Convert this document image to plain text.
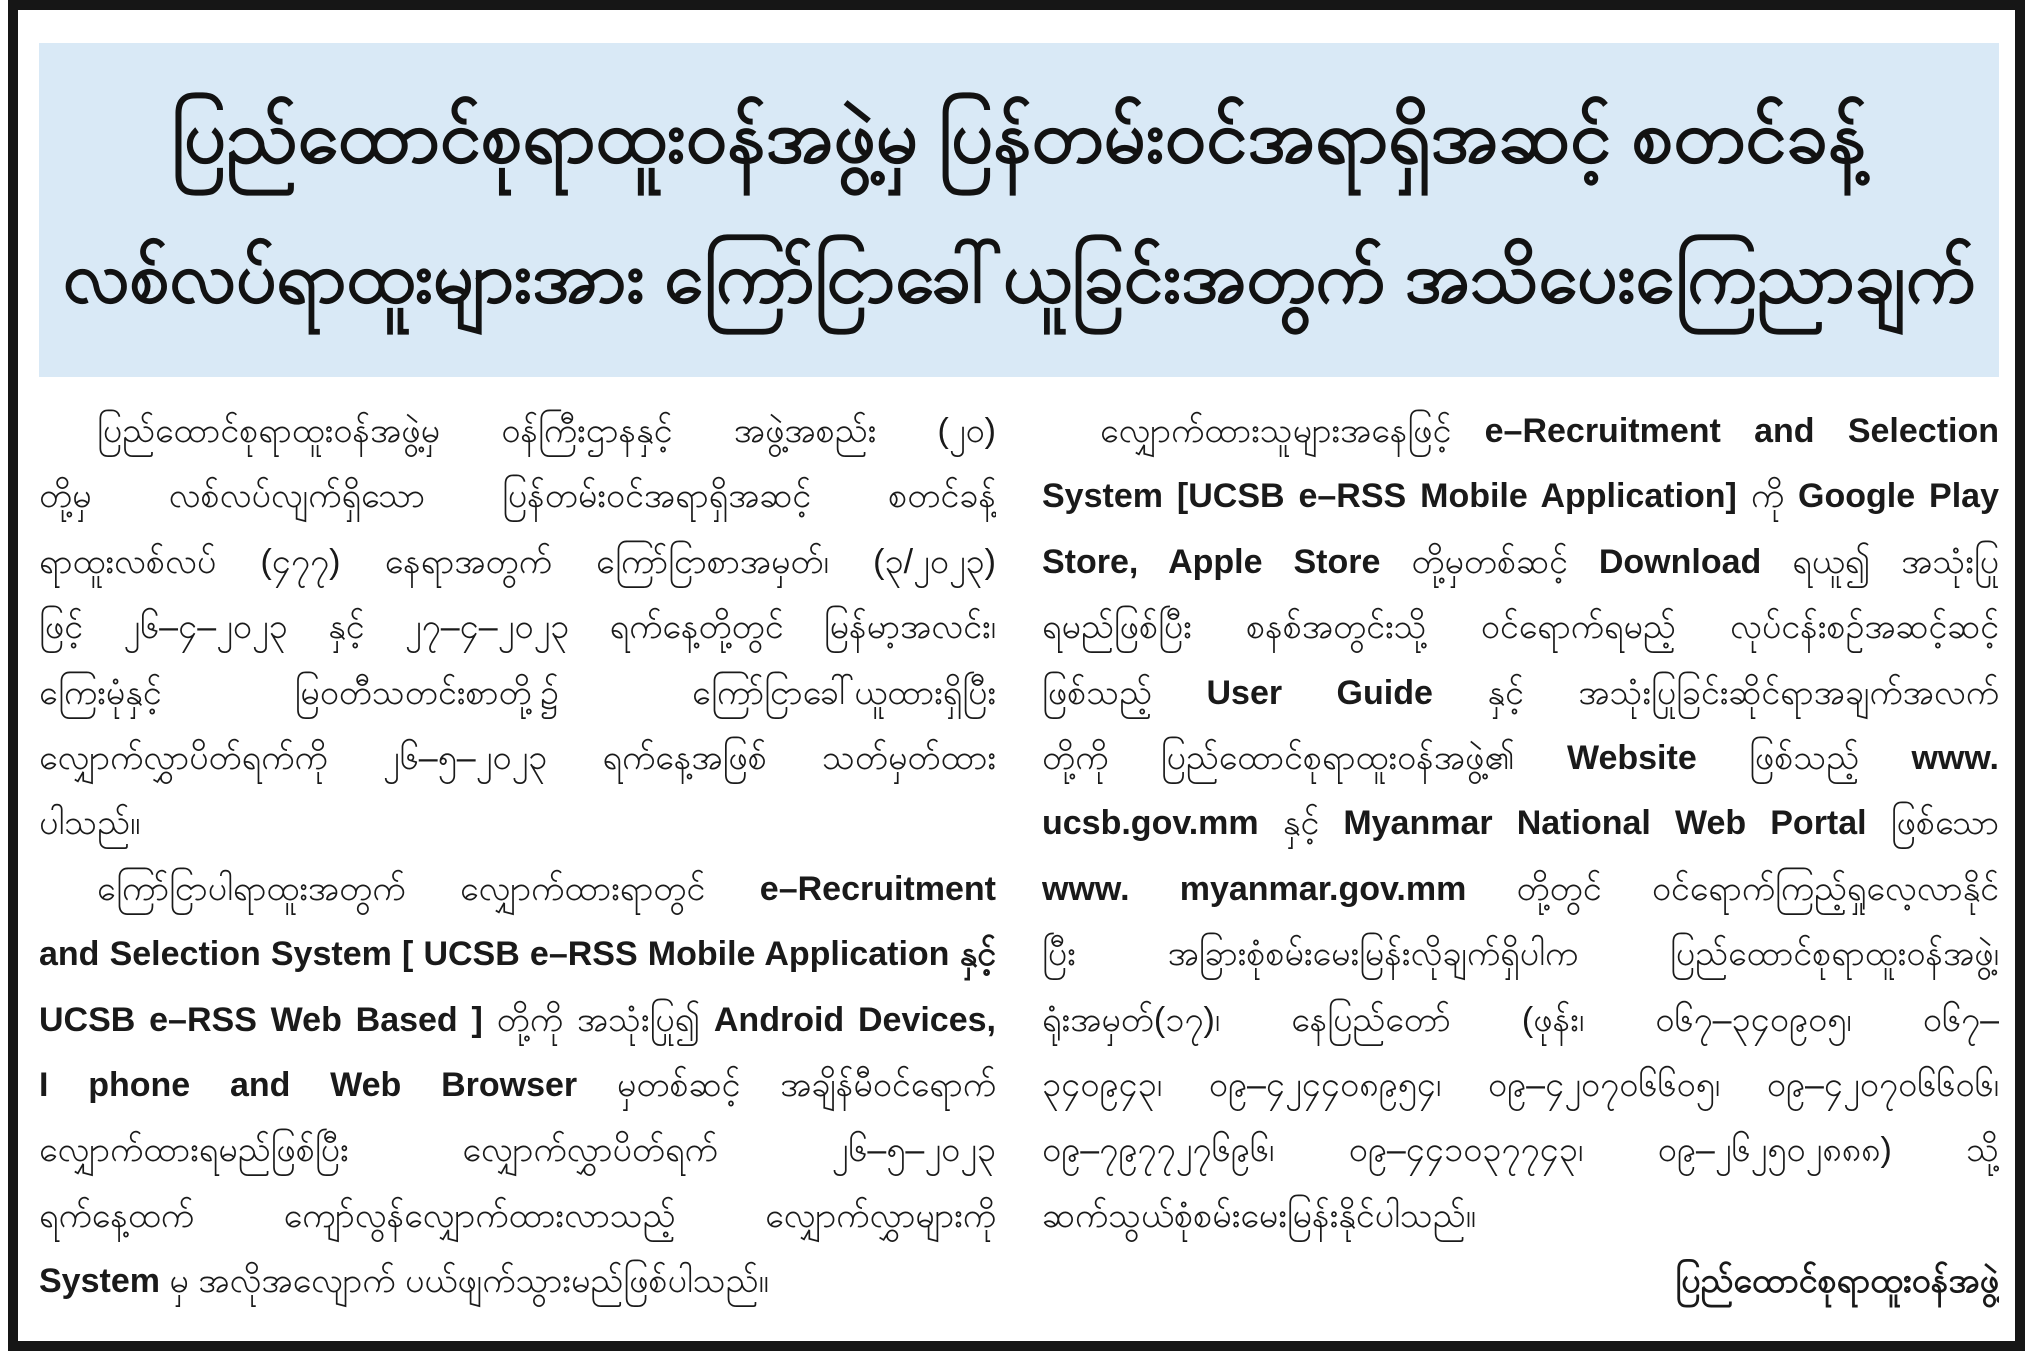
ပြည်ထောင်စုရာထူးဝန်အဖွဲ့မှ ပြန်တမ်းဝင်အရာရှိအဆင့် စတင်ခန့်
လစ်လပ်ရာထူးများအား ကြော်ငြာခေါ်ယူခြင်းအတွက် အသိပေးကြေညာချက်
ပြည်ထောင်စုရာထူးဝန်အဖွဲ့မှ ဝန်ကြီးဌာနနှင့် အဖွဲ့အစည်း (၂၀)
တို့မှ လစ်လပ်လျက်ရှိသော ပြန်တမ်းဝင်အရာရှိအဆင့် စတင်ခန့်
ရာထူးလစ်လပ် (၄၇၇) နေရာအတွက် ကြော်ငြာစာအမှတ်၊ (၃/၂၀၂၃)
ဖြင့် ၂၆–၄–၂၀၂၃ နှင့် ၂၇–၄–၂၀၂၃ ရက်နေ့တို့တွင် မြန်မာ့အလင်း၊
ကြေးမုံနှင့် မြဝတီသတင်းစာတို့၌ ကြော်ငြာခေါ်ယူထားရှိပြီး
လျှောက်လွှာပိတ်ရက်ကို ၂၆–၅–၂၀၂၃ ရက်နေ့အဖြစ် သတ်မှတ်ထား
ပါသည်။
ကြော်ငြာပါရာထူးအတွက် လျှောက်ထားရာတွင် e–Recruitment
and Selection System [ UCSB e–RSS Mobile Application နှင့်
UCSB e–RSS Web Based ] တို့ကို အသုံးပြု၍ Android Devices,
I phone and Web Browser မှတစ်ဆင့် အချိန်မီဝင်ရောက်
လျှောက်ထားရမည်ဖြစ်ပြီး လျှောက်လွှာပိတ်ရက် ၂၆–၅–၂၀၂၃
ရက်နေ့ထက် ကျော်လွန်လျှောက်ထားလာသည့် လျှောက်လွှာများကို
System မှ အလိုအလျောက် ပယ်ဖျက်သွားမည်ဖြစ်ပါသည်။
လျှောက်ထားသူများအနေဖြင့် e–Recruitment and Selection
System [UCSB e–RSS Mobile Application] ကို Google Play
Store, Apple Store တို့မှတစ်ဆင့် Download ရယူ၍ အသုံးပြု
ရမည်ဖြစ်ပြီး စနစ်အတွင်းသို့ ဝင်ရောက်ရမည့် လုပ်ငန်းစဉ်အဆင့်ဆင့်
ဖြစ်သည့် User Guide နှင့် အသုံးပြုခြင်းဆိုင်ရာအချက်အလက်
တို့ကို ပြည်ထောင်စုရာထူးဝန်အဖွဲ့၏ Website ဖြစ်သည့် www.
ucsb.gov.mm နှင့် Myanmar National Web Portal ဖြစ်သော
www. myanmar.gov.mm တို့တွင် ဝင်ရောက်ကြည့်ရှုလေ့လာနိုင်
ပြီး အခြားစုံစမ်းမေးမြန်းလိုချက်ရှိပါက ပြည်ထောင်စုရာထူးဝန်အဖွဲ့၊
ရုံးအမှတ်(၁၇)၊ နေပြည်တော် (ဖုန်း၊ ၀၆၇–၃၄၀၉၀၅၊ ၀၆၇–
၃၄၀၉၄၃၊ ၀၉–၄၂၄၄၀၈၉၅၄၊ ၀၉–၄၂၀၇၀၆၆၀၅၊ ၀၉–၄၂၀၇၀၆၆၀၆၊
၀၉–၇၉၇၇၂၇၆၉၆၊ ၀၉–၄၄၁၀၃၇၇၄၃၊ ၀၉–၂၆၂၅၀၂၈၈၈) သို့
ဆက်သွယ်စုံစမ်းမေးမြန်းနိုင်ပါသည်။
ပြည်ထောင်စုရာထူးဝန်အဖွဲ့
